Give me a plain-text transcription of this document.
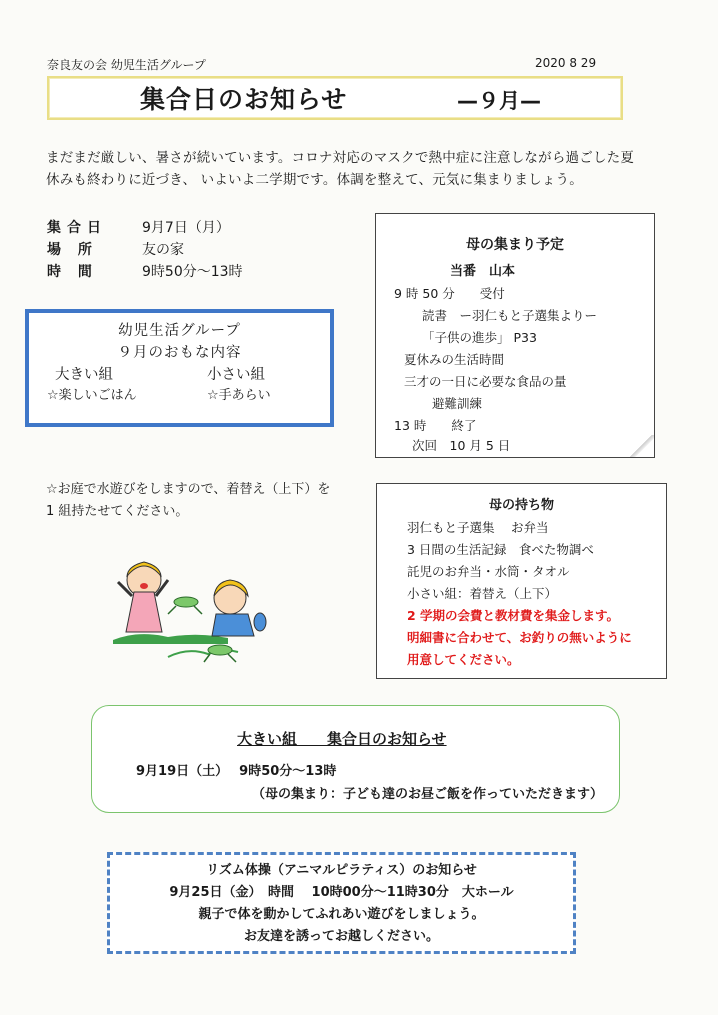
奈良友の会 幼児生活グループ	2020 8 29
集合日のお知らせ	—９月—
まだまだ厳しい、暑さが続いています。コロナ対応のマスクで熱中症に注意しながら過ごした夏
休みも終わりに近づき、 いよいよ二学期です。体調を整えて、元気に集まりましょう。
集合日	9月7日（月）
場 所	友の家
時 間	9時50分～13時
幼児生活グループ
９月のおもな内容
大きい組	小さい組
☆楽しいごはん	☆手あらい
母の集まり予定
当番　山本
9 時 50 分　　受付
読書　ー羽仁もと子選集よりー
「子供の進歩」 P33
夏休みの生活時間
三才の一日に必要な食品の量
避難訓練
13 時　　終了
次回　10 月 5 日
☆お庭で水遊びをしますので、着替え（上下）を
1 組持たせてください。	母の持ち物
羽仁もと子選集　 お弁当
3 日間の生活記録　食べた物調べ
託児のお弁当・水筒・タオル
小さい組：着替え（上下）
2 学期の会費と教材費を集金します。
明細書に合わせて、お釣りの無いように
用意してください。
大きい組　　集合日のお知らせ
9月19日（土）　 9時50分～13時
（母の集まり：子ども達のお昼ご飯を作っていただきます）
リズム体操（アニマルピラティス）のお知らせ
9月25日（金）　時間　 10時00分～11時30分　大ホール
親子で体を動かしてふれあい遊びをしましょう。
お友達を誘ってお越しください。
